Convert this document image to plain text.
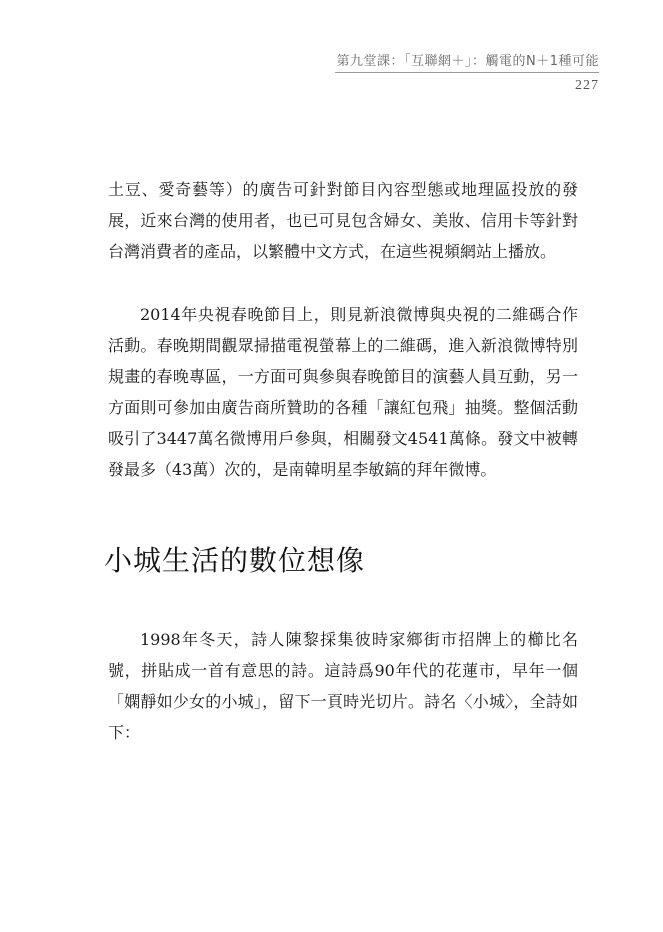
第九堂課：「互聯網＋」：觸電的N＋1種可能
227

土豆、愛奇藝等）的廣告可針對節目內容型態或地理區投放的發展，近來台灣的使用者，也已可見包含婦女、美妝、信用卡等針對台灣消費者的產品，以繁體中文方式，在這些視頻網站上播放。

2014年央視春晚節目上，則見新浪微博與央視的二維碼合作活動。春晚期間觀眾掃描電視螢幕上的二維碼，進入新浪微博特別規畫的春晚專區，一方面可與參與春晚節目的演藝人員互動，另一方面則可參加由廣告商所贊助的各種「讓紅包飛」抽獎。整個活動吸引了3447萬名微博用戶參與，相關發文4541萬條。發文中被轉發最多（43萬）次的，是南韓明星李敏鎬的拜年微博。

小城生活的數位想像

1998年冬天，詩人陳黎採集彼時家鄉街市招牌上的櫛比名號，拼貼成一首有意思的詩。這詩爲90年代的花蓮市，早年一個「嫻靜如少女的小城」，留下一頁時光切片。詩名〈小城〉，全詩如下：
